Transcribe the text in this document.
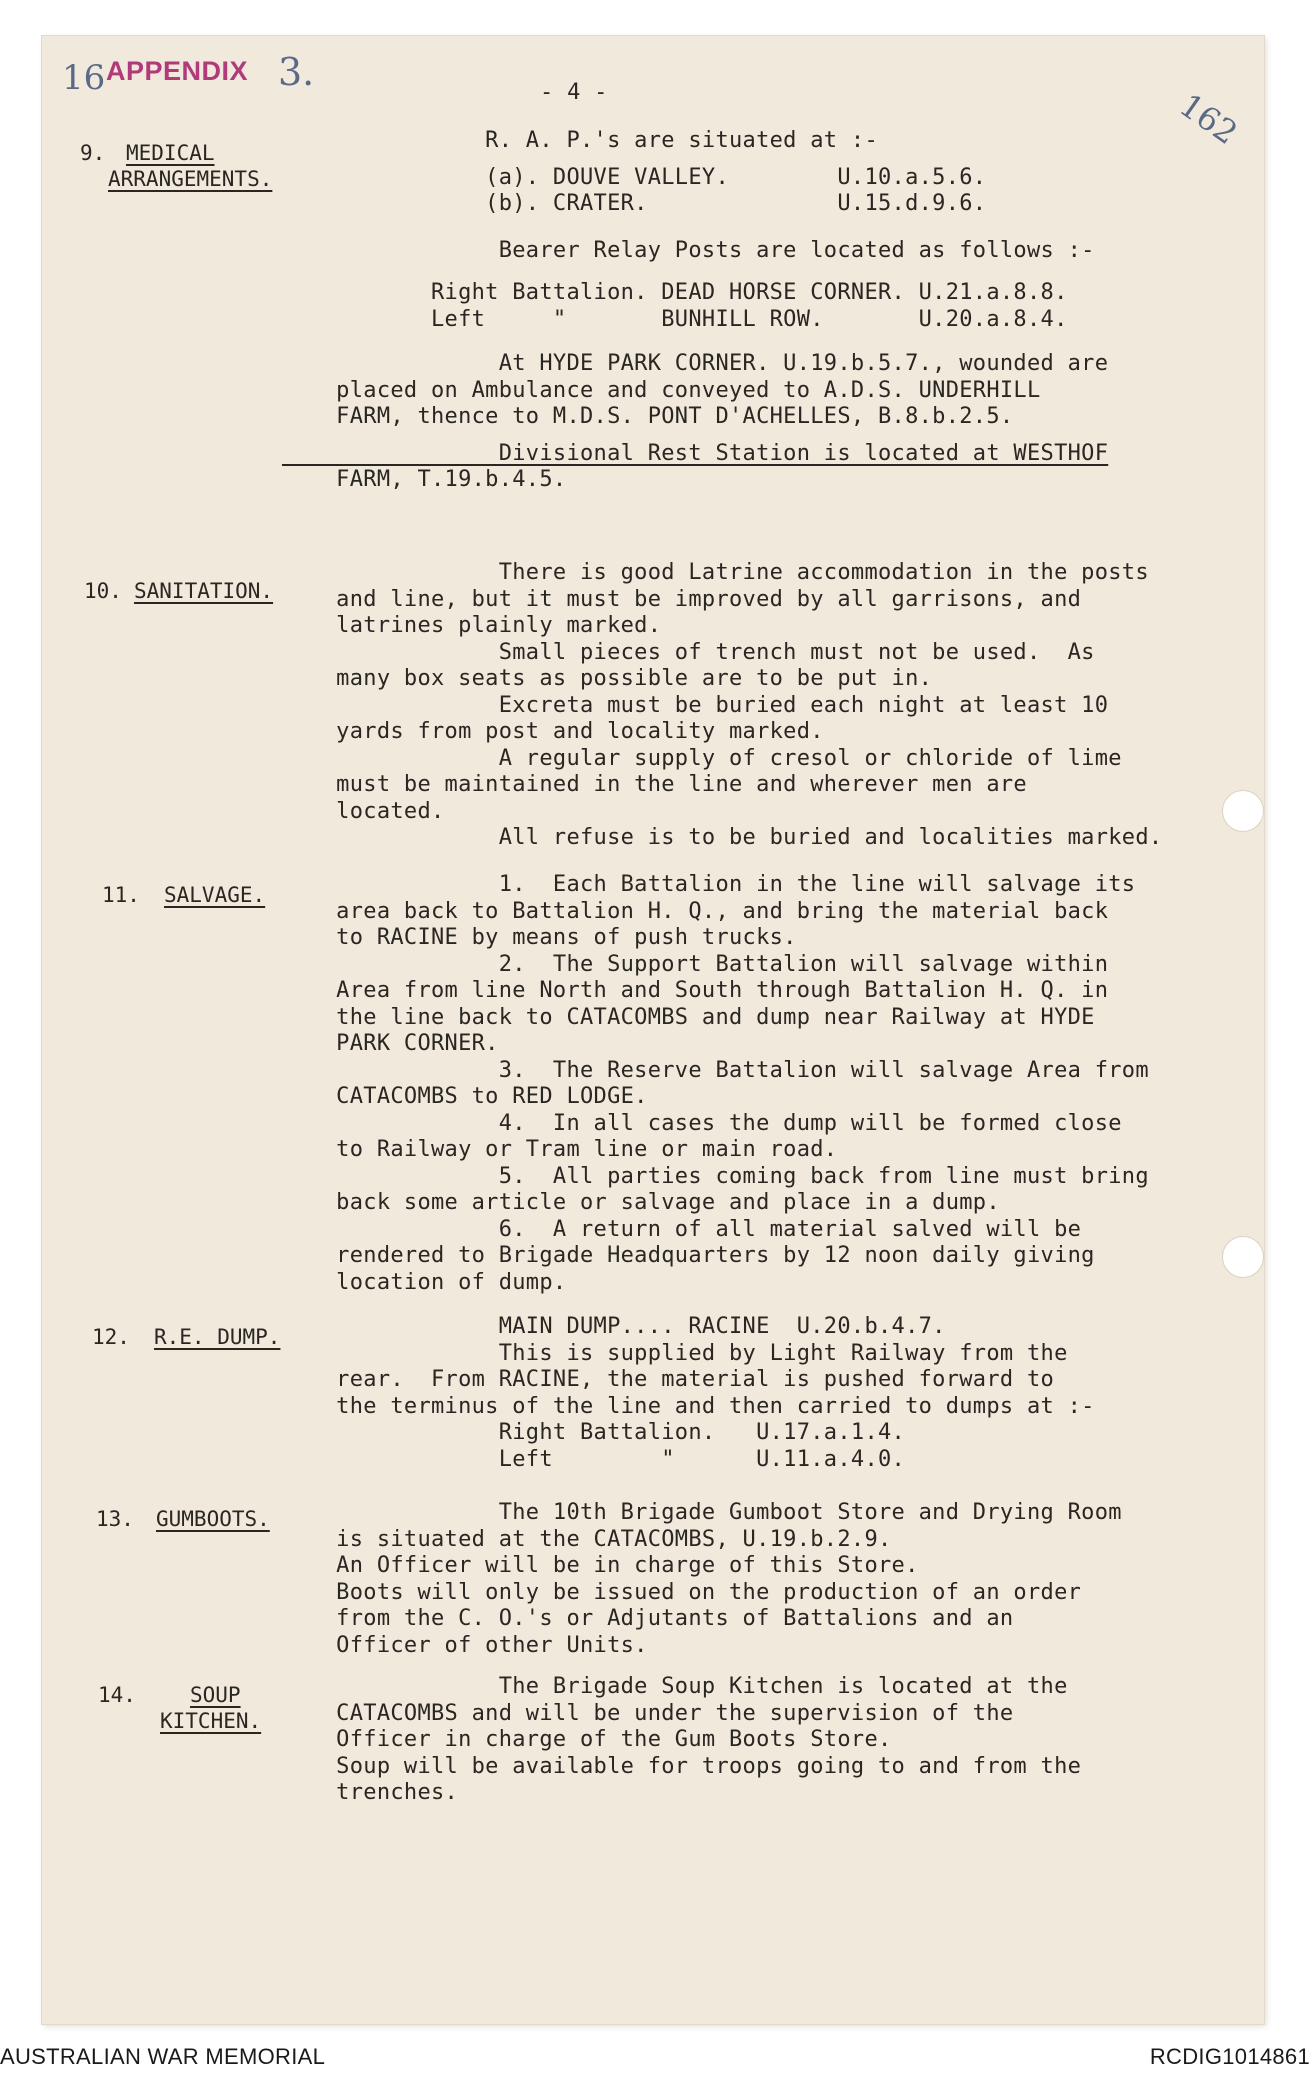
16 APPENDIX 3.	- 4 -	162
9. MEDICAL
ARRANGEMENTS.
R. A. P.'s are situated at :-
(a). DOUVE VALLEY.        U.10.a.5.6.
(b). CRATER.              U.15.d.9.6.
Bearer Relay Posts are located as follows :-
Right Battalion. DEAD HORSE CORNER. U.21.a.8.8.
Left     "       BUNHILL ROW.       U.20.a.8.4.
At HYDE PARK CORNER. U.19.b.5.7., wounded are
placed on Ambulance and conveyed to A.D.S. UNDERHILL
FARM, thence to M.D.S. PONT D'ACHELLES, B.8.b.2.5.
Divisional Rest Station is located at WESTHOF
FARM, T.19.b.4.5.
10. SANITATION.
There is good Latrine accommodation in the posts
and line, but it must be improved by all garrisons, and
latrines plainly marked.
Small pieces of trench must not be used.  As
many box seats as possible are to be put in.
Excreta must be buried each night at least 10
yards from post and locality marked.
A regular supply of cresol or chloride of lime
must be maintained in the line and wherever men are
located.
All refuse is to be buried and localities marked.
11. SALVAGE. 1.  Each Battalion in the line will salvage its
area back to Battalion H. Q., and bring the material back
to RACINE by means of push trucks.
2.  The Support Battalion will salvage within
Area from line North and South through Battalion H. Q. in
the line back to CATACOMBS and dump near Railway at HYDE
PARK CORNER.
3.  The Reserve Battalion will salvage Area from
CATACOMBS to RED LODGE.
4.  In all cases the dump will be formed close
to Railway or Tram line or main road.
5.  All parties coming back from line must bring
back some article or salvage and place in a dump.
6.  A return of all material salved will be
rendered to Brigade Headquarters by 12 noon daily giving
location of dump.
12. R.E. DUMP. MAIN DUMP.... RACINE  U.20.b.4.7.
This is supplied by Light Railway from the
rear.  From RACINE, the material is pushed forward to
the terminus of the line and then carried to dumps at :-
Right Battalion.   U.17.a.1.4.
Left        "      U.11.a.4.0.
13. GUMBOOTS. The 10th Brigade Gumboot Store and Drying Room
is situated at the CATACOMBS, U.19.b.2.9.
An Officer will be in charge of this Store.
Boots will only be issued on the production of an order
from the C. O.'s or Adjutants of Battalions and an
Officer of other Units.
14.	SOUP
KITCHEN.
The Brigade Soup Kitchen is located at the
CATACOMBS and will be under the supervision of the
Officer in charge of the Gum Boots Store.
Soup will be available for troops going to and from the
trenches.
AUSTRALIAN WAR MEMORIAL	RCDIG1014861
